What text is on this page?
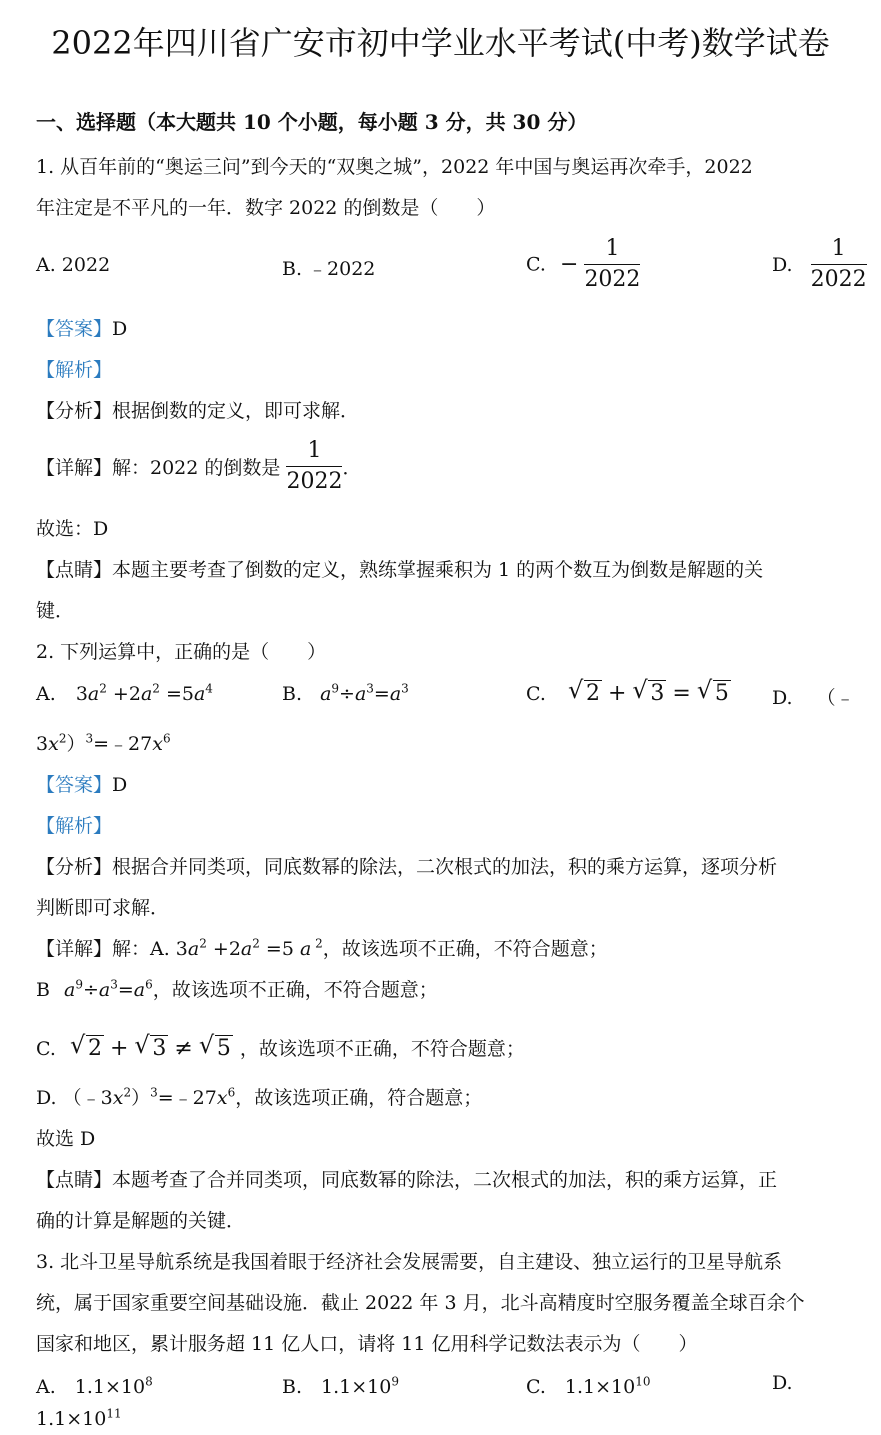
2022年四川省广安市初中学业水平考试(中考)数学试卷
一、选择题（本大题共 10 个小题，每小题 3 分，共 30 分）
1. 从百年前的“奥运三问”到今天的“双奥之城”，2022 年中国与奥运再次牵手，2022
年注定是不平凡的一年．数字 2022 的倒数是（　　）
A. 2022	B. ﹣2022	C. − $\frac{1}{2022}$	D. $\frac{1}{2022}$
【答案】D
【解析】
【分析】根据倒数的定义，即可求解．
【详解】解：2022 的倒数是 $\frac{1}{2022}$ ．
故选：D
【点睛】本题主要考查了倒数的定义，熟练掌握乘积为 1 的两个数互为倒数是解题的关
键．
2. 下列运算中，正确的是（　　）
A. $3a^2 +2a^2 =5a^4$	B. $a^9\div a^3=a^3$	C. √ 2 + √ 3 = √ 5 D. （﹣
$3x^2)^3=﹣27x^6$
【答案】D
【解析】
【分析】根据合并同类项，同底数幂的除法，二次根式的加法，积的乘方运算，逐项分析
判断即可求解．
【详解】解：A. $3a^2 +2a^2 =5$ a $^2$，故该选项不正确，不符合题意；
B $a^9\div a^3=a^6$，故该选项不正确，不符合题意；
C. √ 2 + √ 3 ≠ √ 5 ，故该选项不正确，不符合题意；
D. $(﹣3x^2)^3=﹣27x^6$，故该选项正确，符合题意；
故选 D
【点睛】本题考查了合并同类项，同底数幂的除法，二次根式的加法，积的乘方运算，正
确的计算是解题的关键．
3. 北斗卫星导航系统是我国着眼于经济社会发展需要，自主建设、独立运行的卫星导航系
统，属于国家重要空间基础设施．截止 2022 年 3 月，北斗高精度时空服务覆盖全球百余个
国家和地区，累计服务超 11 亿人口，请将 11 亿用科学记数法表示为（　　）
A.　$1.1\times 10^8$	B.　$1.1\times 10^9$	C.　$1.1\times 10^{10}$	D.
$1.1\times 10^{11}$
